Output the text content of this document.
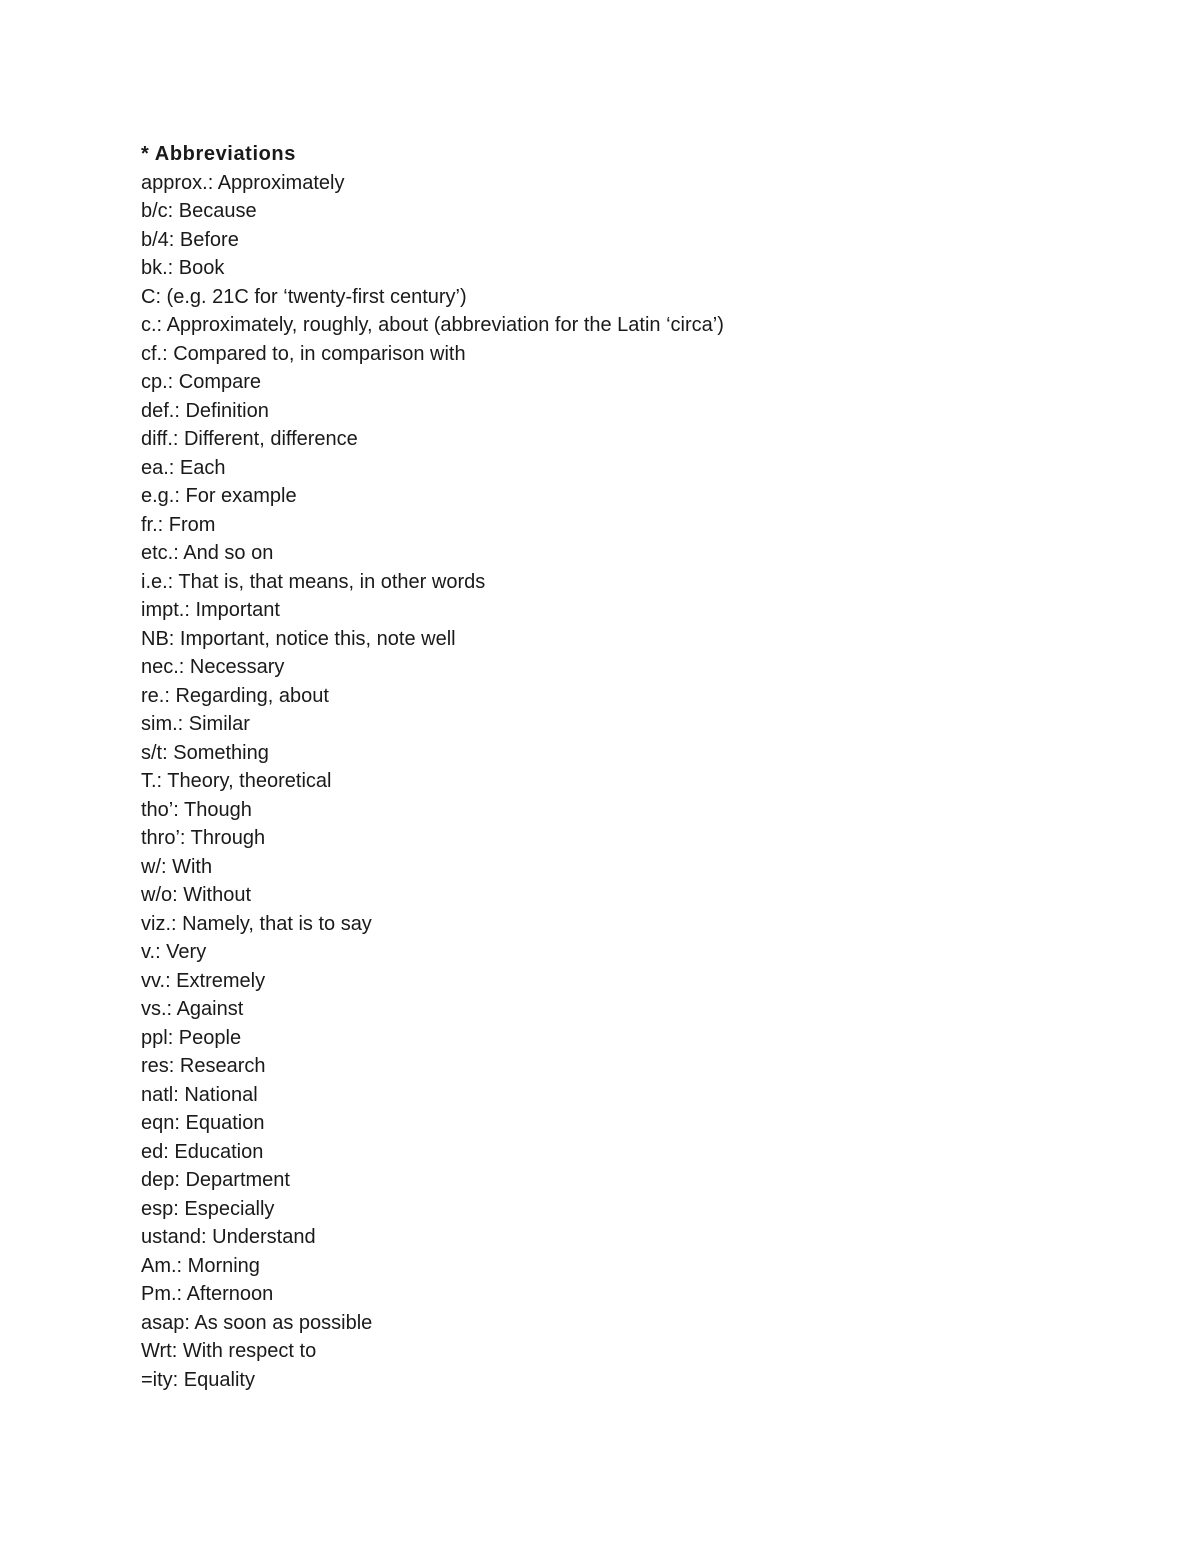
* Abbreviations
approx.: Approximately
b/c: Because
b/4: Before
bk.: Book
C: (e.g. 21C for ‘twenty-first century’)
c.: Approximately, roughly, about (abbreviation for the Latin ‘circa’)
cf.: Compared to, in comparison with
cp.: Compare
def.: Definition
diff.: Different, difference
ea.: Each
e.g.: For example
fr.: From
etc.: And so on
i.e.: That is, that means, in other words
impt.: Important
NB: Important, notice this, note well
nec.: Necessary
re.: Regarding, about
sim.: Similar
s/t: Something
T.: Theory, theoretical
tho’: Though
thro’: Through
w/: With
w/o: Without
viz.: Namely, that is to say
v.: Very
vv.: Extremely
vs.: Against
ppl: People
res: Research
natl: National
eqn: Equation
ed: Education
dep: Department
esp: Especially
ustand: Understand
Am.: Morning
Pm.: Afternoon
asap: As soon as possible
Wrt: With respect to
=ity: Equality
